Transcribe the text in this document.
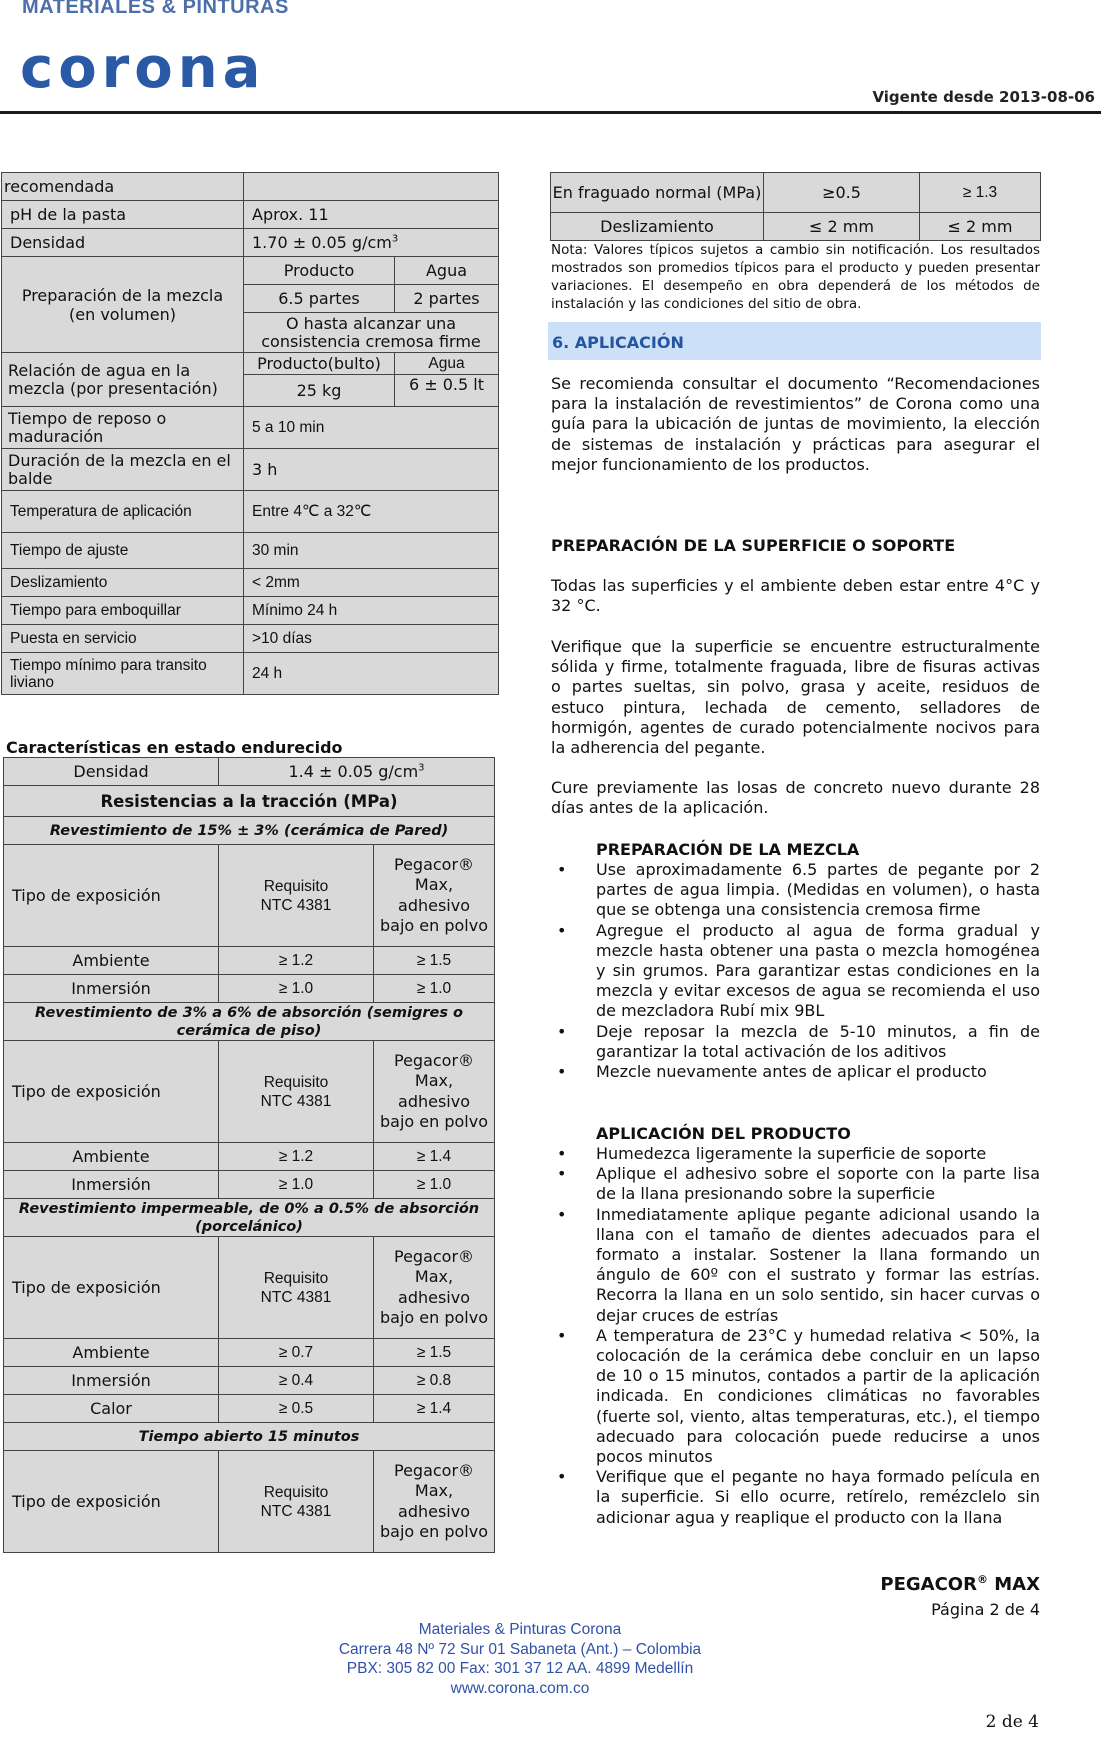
MATERIALES & PINTURAS
corona	Vigente desde 2013-08-06
recomendada		
pH de la pasta	Aprox. 11	
Densidad	1.70 ± 0.05 $g/cm^3$
Preparación de la mezcla (en volumen)	Producto	Agua
	6.5 partes	2 partes
	O hasta alcanzar una consistencia cremosa firme	
Relación de agua en la mezcla (por presentación)	Producto(bulto)	Agua
	25 kg	6 ± 0.5 lt
Tiempo de reposo o maduración	5 a 10 min	
Duración de la mezcla en el balde	3 h	
Temperatura de aplicación	Entre 4℃ a 32℃	
Tiempo de ajuste	30 min	
Deslizamiento	< 2mm	
Tiempo para emboquillar	Mínimo 24 h	
Puesta en servicio	>10 días	
Tiempo mínimo para transito liviano	24 h	
Características en estado endurecido
Densidad	1.4 ± 0.05 $g/cm^3$
Resistencias a la tracción (MPa)		
Revestimiento de 15% ± 3% (cerámica de Pared)		
Tipo de exposición	Requisito NTC 4381	Pegacor® Max, adhesivo bajo en polvo
Ambiente	≥ 1.2	≥ 1.5
Inmersión	≥ 1.0	≥ 1.0
Revestimiento de 3% a 6% de absorción (semigres o cerámica de piso)		
Tipo de exposición	Requisito NTC 4381	Pegacor® Max, adhesivo bajo en polvo
Ambiente	≥ 1.2	≥ 1.4
Inmersión	≥ 1.0	≥ 1.0
Revestimiento impermeable, de 0% a 0.5% de absorción (porcelánico)		
Tipo de exposición	Requisito NTC 4381	Pegacor® Max, adhesivo bajo en polvo
Ambiente	≥ 0.7	≥ 1.5
Inmersión	≥ 0.4	≥ 0.8
Calor	≥ 0.5	≥ 1.4
Tiempo abierto 15 minutos		
Tipo de exposición	Requisito NTC 4381	Pegacor® Max, adhesivo bajo en polvo
En fraguado normal (MPa)	≥0.5	≥ 1.3
Deslizamiento	≤ 2 mm	≤ 2 mm
Nota: Valores típicos sujetos a cambio sin notificación. Los resultados mostrados son promedios típicos para el producto y pueden presentar variaciones. El desempeño en obra dependerá de los métodos de instalación y las condiciones del sitio de obra.
6. APLICACIÓN
Se recomienda consultar el documento “Recomendaciones para la instalación de revestimientos” de Corona como una guía para la ubicación de juntas de movimiento, la elección de sistemas de instalación y prácticas para asegurar el mejor funcionamiento de los productos.
PREPARACIÓN DE LA SUPERFICIE O SOPORTE
Todas las superficies y el ambiente deben estar entre 4°C y 32 °C.
Verifique que la superficie se encuentre estructuralmente sólida y firme, totalmente fraguada, libre de fisuras activas o partes sueltas, sin polvo, grasa y aceite, residuos de estuco pintura, lechada de cemento, selladores de hormigón, agentes de curado potencialmente nocivos para la adherencia del pegante.
Cure previamente las losas de concreto nuevo durante 28 días antes de la aplicación.
PREPARACIÓN DE LA MEZCLA
• Use aproximadamente 6.5 partes de pegante por 2 partes de agua limpia. (Medidas en volumen), o hasta que se obtenga una consistencia cremosa firme
• Agregue el producto al agua de forma gradual y mezcle hasta obtener una pasta o mezcla homogénea y sin grumos. Para garantizar estas condiciones en la mezcla y evitar excesos de agua se recomienda el uso de mezcladora Rubí mix 9BL
• Deje reposar la mezcla de 5-10 minutos, a fin de garantizar la total activación de los aditivos
• Mezcle nuevamente antes de aplicar el producto
APLICACIÓN DEL PRODUCTO
• Humedezca ligeramente la superficie de soporte
• Aplique el adhesivo sobre el soporte con la parte lisa de la llana presionando sobre la superficie
• Inmediatamente aplique pegante adicional usando la llana con el tamaño de dientes adecuados para el formato a instalar. Sostener la llana formando un ángulo de 60º con el sustrato y formar las estrías. Recorra la llana en un solo sentido, sin hacer curvas o dejar cruces de estrías
• A temperatura de 23°C y humedad relativa < 50%, la colocación de la cerámica debe concluir en un lapso de 10 o 15 minutos, contados a partir de la aplicación indicada. En condiciones climáticas no favorables (fuerte sol, viento, altas temperaturas, etc.), el tiempo adecuado para colocación puede reducirse a unos pocos minutos
• Verifique que el pegante no haya formado película en la superficie. Si ello ocurre, retírelo, remézclelo sin adicionar agua y reaplique el producto con la llana
PEGACOR® MAX
Página 2 de 4
Materiales & Pinturas Corona
Carrera 48 Nº 72 Sur 01 Sabaneta (Ant.) – Colombia
PBX: 305 82 00 Fax: 301 37 12 AA. 4899 Medellín
www.corona.com.co
2 de 4
